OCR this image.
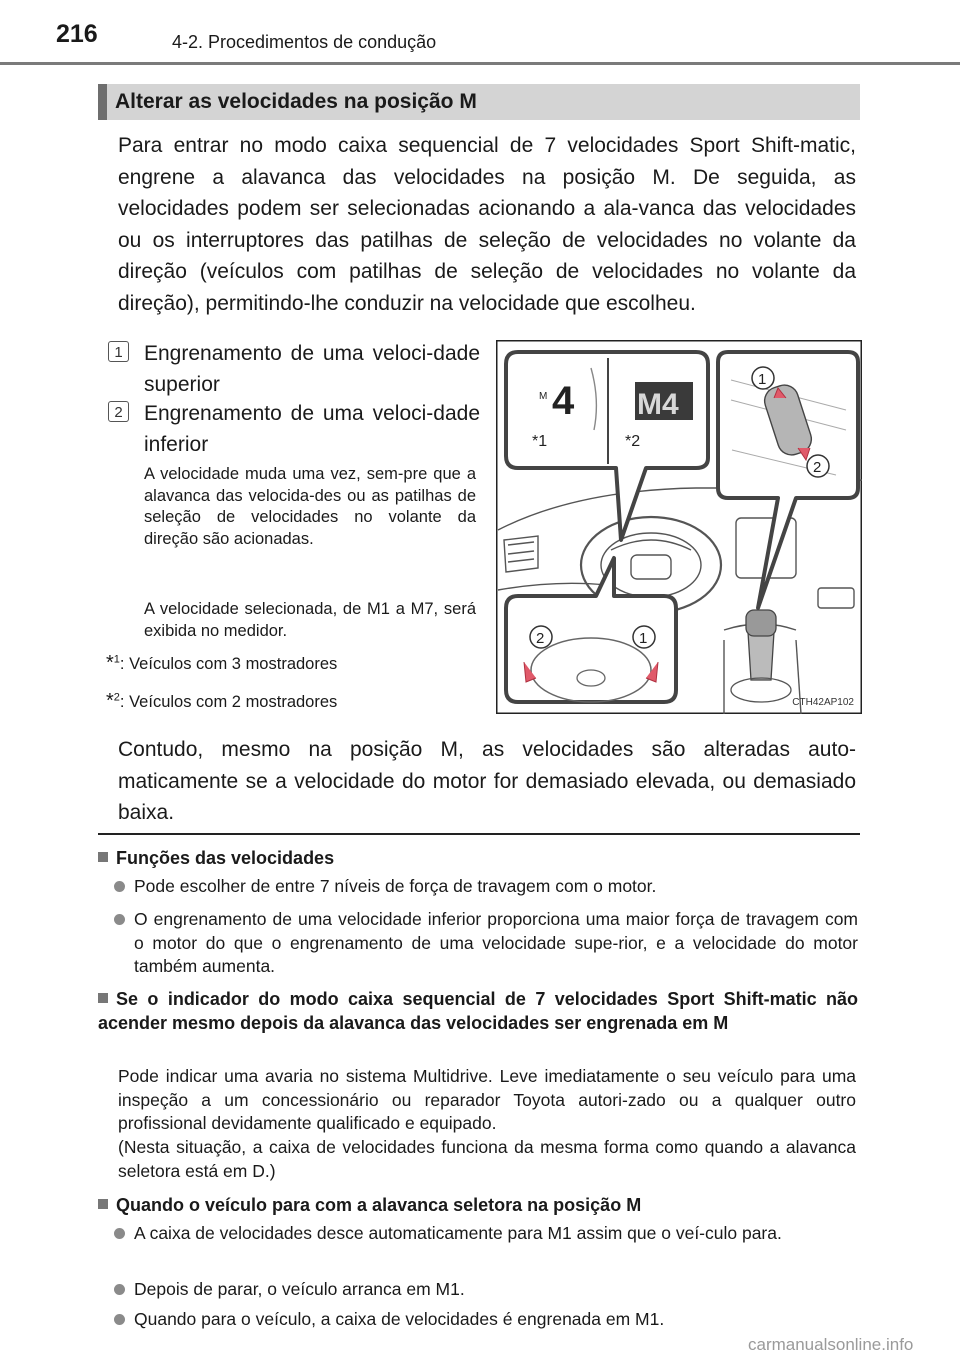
216	4-2. Procedimentos de condução
Alterar as velocidades na posição M
Para entrar no modo caixa sequencial de 7 velocidades Sport Shift-matic, engrene a alavanca das velocidades na posição M. De seguida, as velocidades podem ser selecionadas acionando a ala-vanca das velocidades ou os interruptores das patilhas de seleção de velocidades no volante da direção (veículos com patilhas de seleção de velocidades no volante da direção), permitindo-lhe conduzir na velocidade que escolheu.
1	Engrenamento de uma veloci-dade superior
2	Engrenamento de uma veloci-dade inferior
A velocidade muda uma vez, sem-pre que a alavanca das velocida-des ou as patilhas de seleção de velocidades no volante da direção são acionadas.
A velocidade selecionada, de M1 a M7, será exibida no medidor.
*$^1$: Veículos com 3 mostradores
*$^2$: Veículos com 2 mostradores
M 4 M4
*1	*2
1
2
2	1
CTH42AP102
Contudo, mesmo na posição M, as velocidades são alteradas auto-maticamente se a velocidade do motor for demasiado elevada, ou demasiado baixa.
Funções das velocidades
Pode escolher de entre 7 níveis de força de travagem com o motor.
O engrenamento de uma velocidade inferior proporciona uma maior força de travagem com o motor do que o engrenamento de uma velocidade supe-rior, e a velocidade do motor também aumenta.
Se o indicador do modo caixa sequencial de 7 velocidades Sport Shift-matic não acender mesmo depois da alavanca das velocidades ser engrenada em M
Pode indicar uma avaria no sistema Multidrive. Leve imediatamente o seu veículo para uma inspeção a um concessionário ou reparador Toyota autori-zado ou a qualquer outro profissional devidamente qualificado e equipado.
(Nesta situação, a caixa de velocidades funciona da mesma forma como quando a alavanca seletora está em D.)
Quando o veículo para com a alavanca seletora na posição M
A caixa de velocidades desce automaticamente para M1 assim que o veí-culo para.
Depois de parar, o veículo arranca em M1.
Quando para o veículo, a caixa de velocidades é engrenada em M1.
carmanualsonline.info
